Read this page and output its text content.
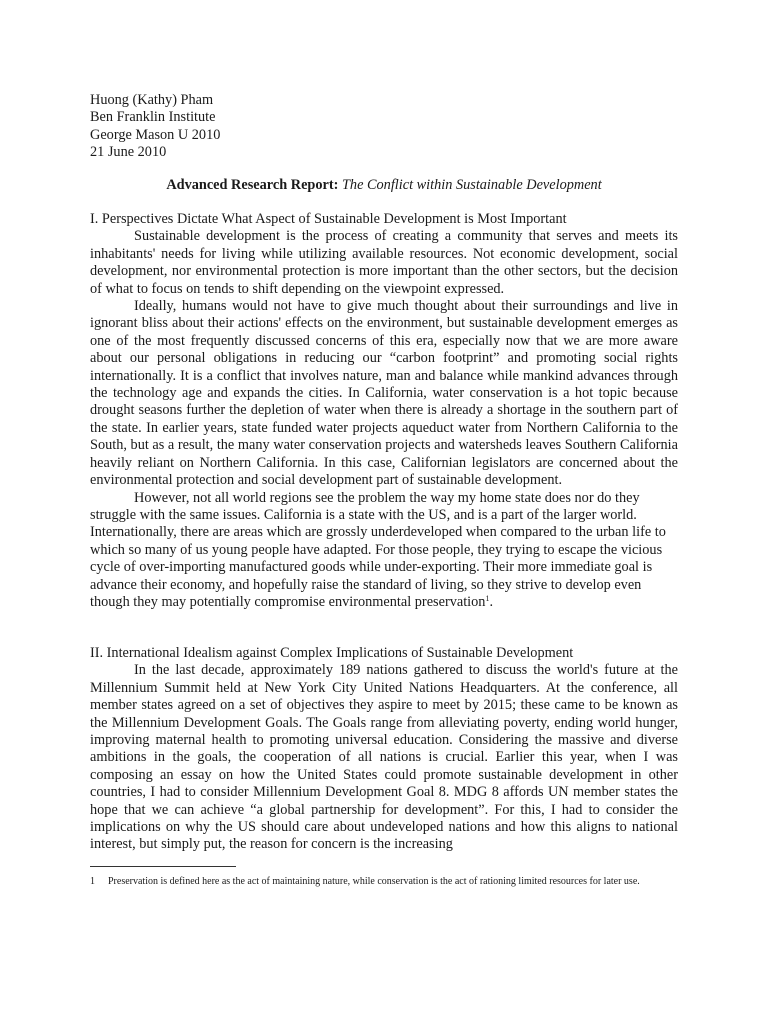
Huong (Kathy) Pham
Ben Franklin Institute
George Mason U 2010
21 June 2010
Advanced Research Report: The Conflict within Sustainable Development
I. Perspectives Dictate What Aspect of Sustainable Development is Most Important

Sustainable development is the process of creating a community that serves and meets its inhabitants' needs for living while utilizing available resources. Not economic development, social development, nor environmental protection is more important than the other sectors, but the decision of what to focus on tends to shift depending on the viewpoint expressed.

Ideally, humans would not have to give much thought about their surroundings and live in ignorant bliss about their actions' effects on the environment, but sustainable development emerges as one of the most frequently discussed concerns of this era, especially now that we are more aware about our personal obligations in reducing our “carbon footprint” and promoting social rights internationally. It is a conflict that involves nature, man and balance while mankind advances through the technology age and expands the cities. In California, water conservation is a hot topic because drought seasons further the depletion of water when there is already a shortage in the southern part of the state. In earlier years, state funded water projects aqueduct water from Northern California to the South, but as a result, the many water conservation projects and watersheds leaves Southern California heavily reliant on Northern California. In this case, Californian legislators are concerned about the environmental protection and social development part of sustainable development.

However, not all world regions see the problem the way my home state does nor do they struggle with the same issues. California is a state with the US, and is a part of the larger world. Internationally, there are areas which are grossly underdeveloped when compared to the urban life to which so many of us young people have adapted. For those people, they trying to escape the vicious cycle of over-importing manufactured goods while under-exporting. Their more immediate goal is advance their economy, and hopefully raise the standard of living, so they strive to develop even though they may potentially compromise environmental preservation$^1$.

II. International Idealism against Complex Implications of Sustainable Development

In the last decade, approximately 189 nations gathered to discuss the world's future at the Millennium Summit held at New York City United Nations Headquarters. At the conference, all member states agreed on a set of objectives they aspire to meet by 2015; these came to be known as the Millennium Development Goals. The Goals range from alleviating poverty, ending world hunger, improving maternal health to promoting universal education. Considering the massive and diverse ambitions in the goals, the cooperation of all nations is crucial. Earlier this year, when I was composing an essay on how the United States could promote sustainable development in other countries, I had to consider Millennium Development Goal 8. MDG 8 affords UN member states the hope that we can achieve “a global partnership for development”. For this, I had to consider the implications on why the US should care about undeveloped nations and how this aligns to national interest, but simply put, the reason for concern is the increasing

1 Preservation is defined here as the act of maintaining nature, while conservation is the act of rationing limited resources for later use.
